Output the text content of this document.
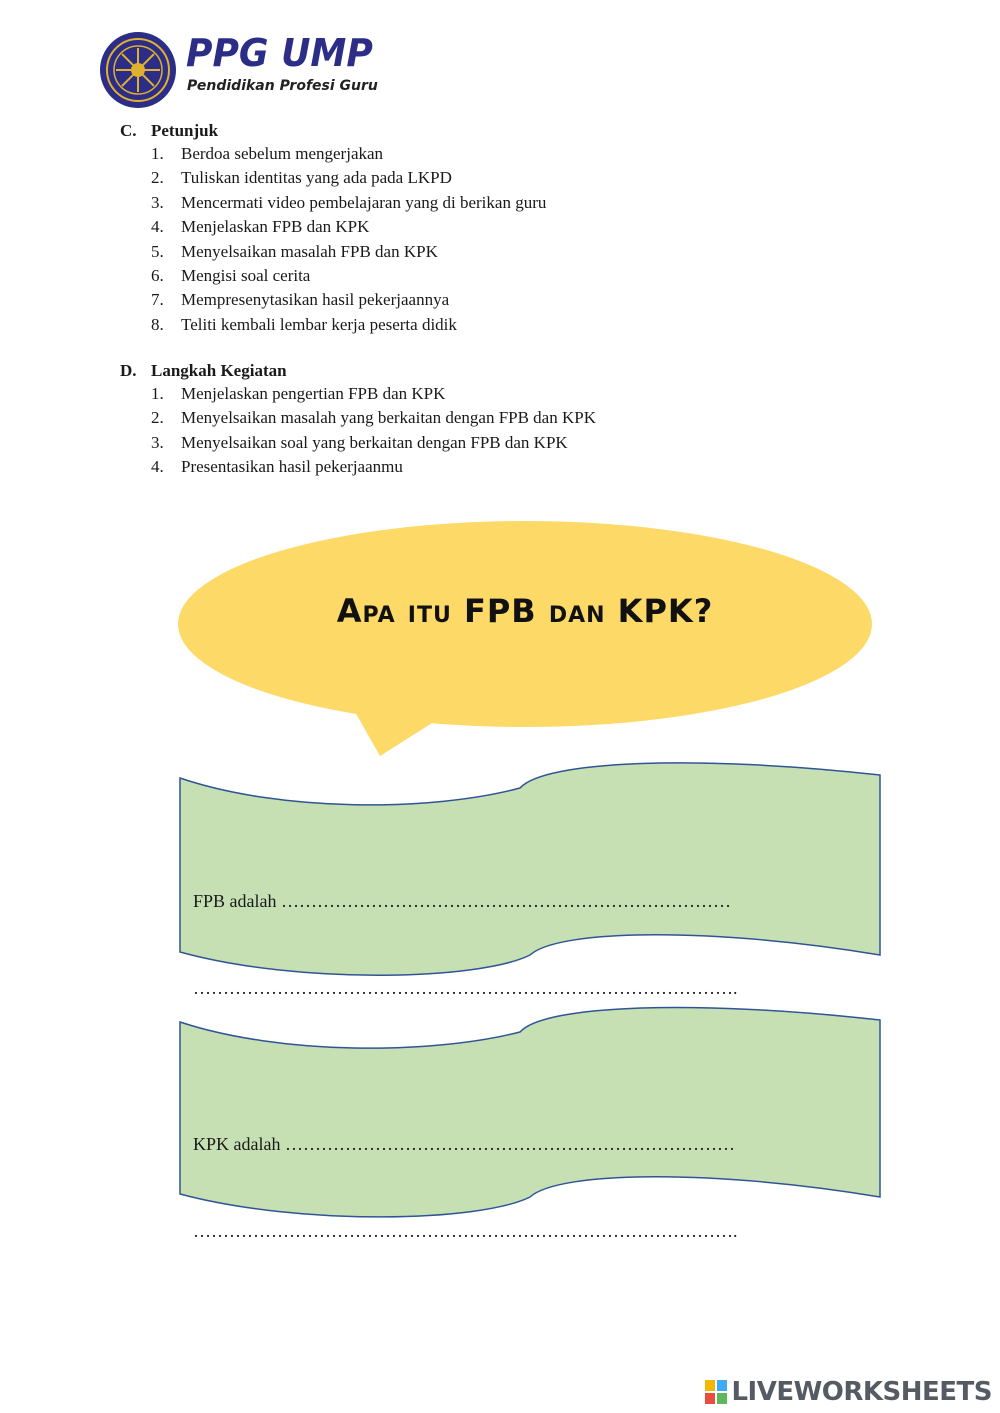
PPG UMP
Pendidikan Profesi Guru
C. Petunjuk
1. Berdoa sebelum mengerjakan
2. Tuliskan identitas yang ada pada LKPD
3. Mencermati video pembelajaran yang di berikan guru
4. Menjelaskan FPB dan KPK
5. Menyelsaikan masalah FPB dan KPK
6. Mengisi soal cerita
7. Mempresenytasikan hasil pekerjaannya
8. Teliti kembali lembar kerja peserta didik
D. Langkah Kegiatan
1. Menjelaskan pengertian FPB dan KPK
2. Menyelsaikan masalah yang berkaitan dengan FPB dan KPK
3. Menyelsaikan soal yang berkaitan dengan FPB dan KPK
4. Presentasikan hasil pekerjaanmu
Apa itu FPB dan KPK?

FPB adalah …………………………………………………………………

……………………………………………………………………………….

KPK adalah …………………………………………………………………

……………………………………………………………………………….

LIVEWORKSHEETS
